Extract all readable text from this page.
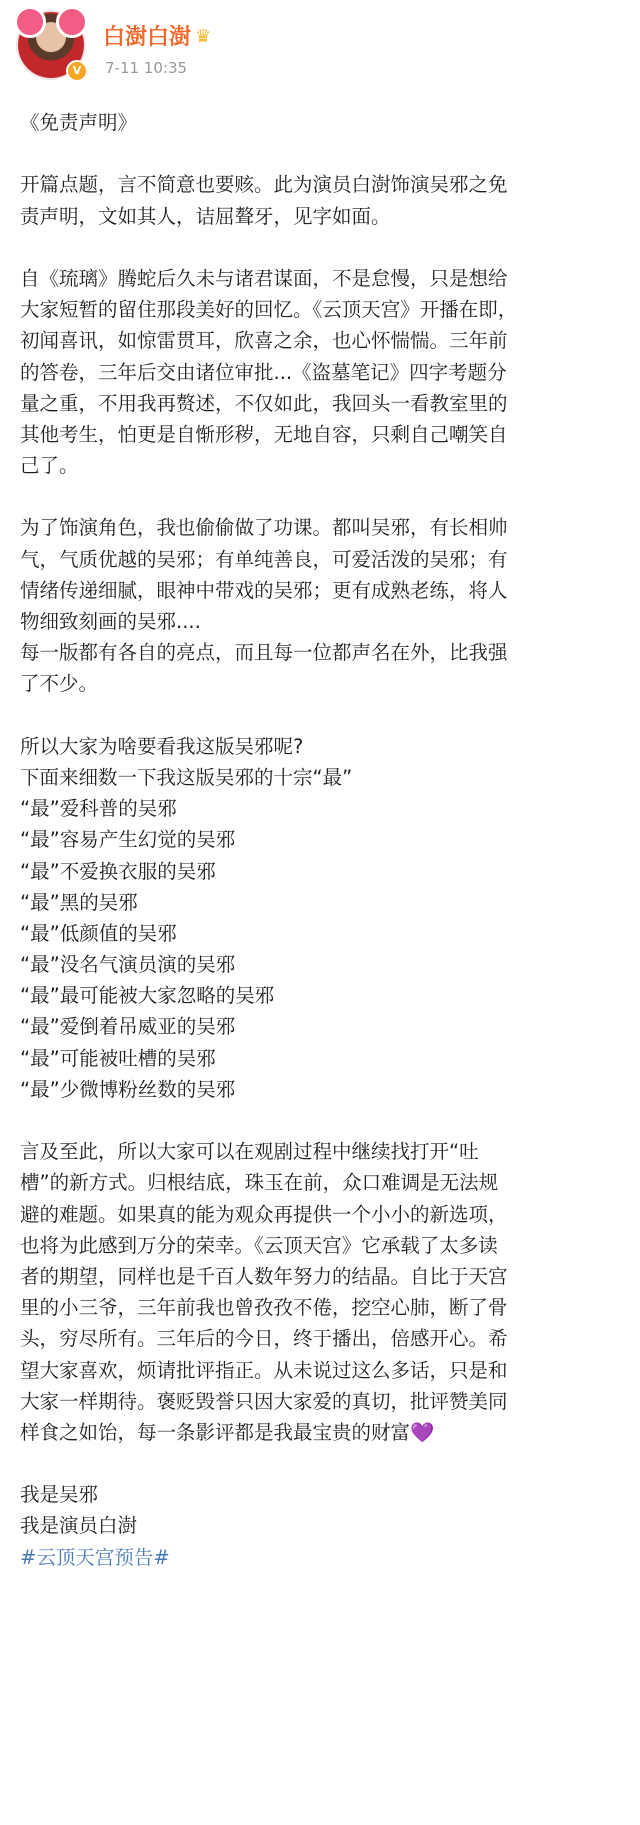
V
白澍白澍 ♛
7-11 10:35
《免责声明》
开篇点题，言不简意也要赅。此为演员白澍饰演吴邪之免
责声明，文如其人，诘屈聱牙，见字如面。
自《琉璃》腾蛇后久未与诸君谋面，不是怠慢，只是想给
大家短暂的留住那段美好的回忆。《云顶天宫》开播在即，
初闻喜讯，如惊雷贯耳，欣喜之余，也心怀惴惴。三年前
的答卷，三年后交由诸位审批...《盗墓笔记》四字考题分
量之重，不用我再赘述，不仅如此，我回头一看教室里的
其他考生，怕更是自惭形秽，无地自容，只剩自己嘲笑自
己了。
为了饰演角色，我也偷偷做了功课。都叫吴邪，有长相帅
气，气质优越的吴邪；有单纯善良，可爱活泼的吴邪；有
情绪传递细腻，眼神中带戏的吴邪；更有成熟老练，将人
物细致刻画的吴邪....
每一版都有各自的亮点，而且每一位都声名在外，比我强
了不少。
所以大家为啥要看我这版吴邪呢?
下面来细数一下我这版吴邪的十宗“最”
“最”爱科普的吴邪
“最”容易产生幻觉的吴邪
“最”不爱换衣服的吴邪
“最”黑的吴邪
“最”低颜值的吴邪
“最”没名气演员演的吴邪
“最”最可能被大家忽略的吴邪
“最”爱倒着吊威亚的吴邪
“最”可能被吐槽的吴邪
“最”少微博粉丝数的吴邪
言及至此，所以大家可以在观剧过程中继续找打开“吐
槽”的新方式。归根结底，珠玉在前，众口难调是无法规
避的难题。如果真的能为观众再提供一个小小的新选项，
也将为此感到万分的荣幸。《云顶天宫》它承载了太多读
者的期望，同样也是千百人数年努力的结晶。自比于天宫
里的小三爷，三年前我也曾孜孜不倦，挖空心肺，断了骨
头，穷尽所有。三年后的今日，终于播出，倍感开心。希
望大家喜欢，烦请批评指正。从未说过这么多话，只是和
大家一样期待。褒贬毁誉只因大家爱的真切，批评赞美同
样食之如饴，每一条影评都是我最宝贵的财富💜
我是吴邪
我是演员白澍
#云顶天宫预告#
